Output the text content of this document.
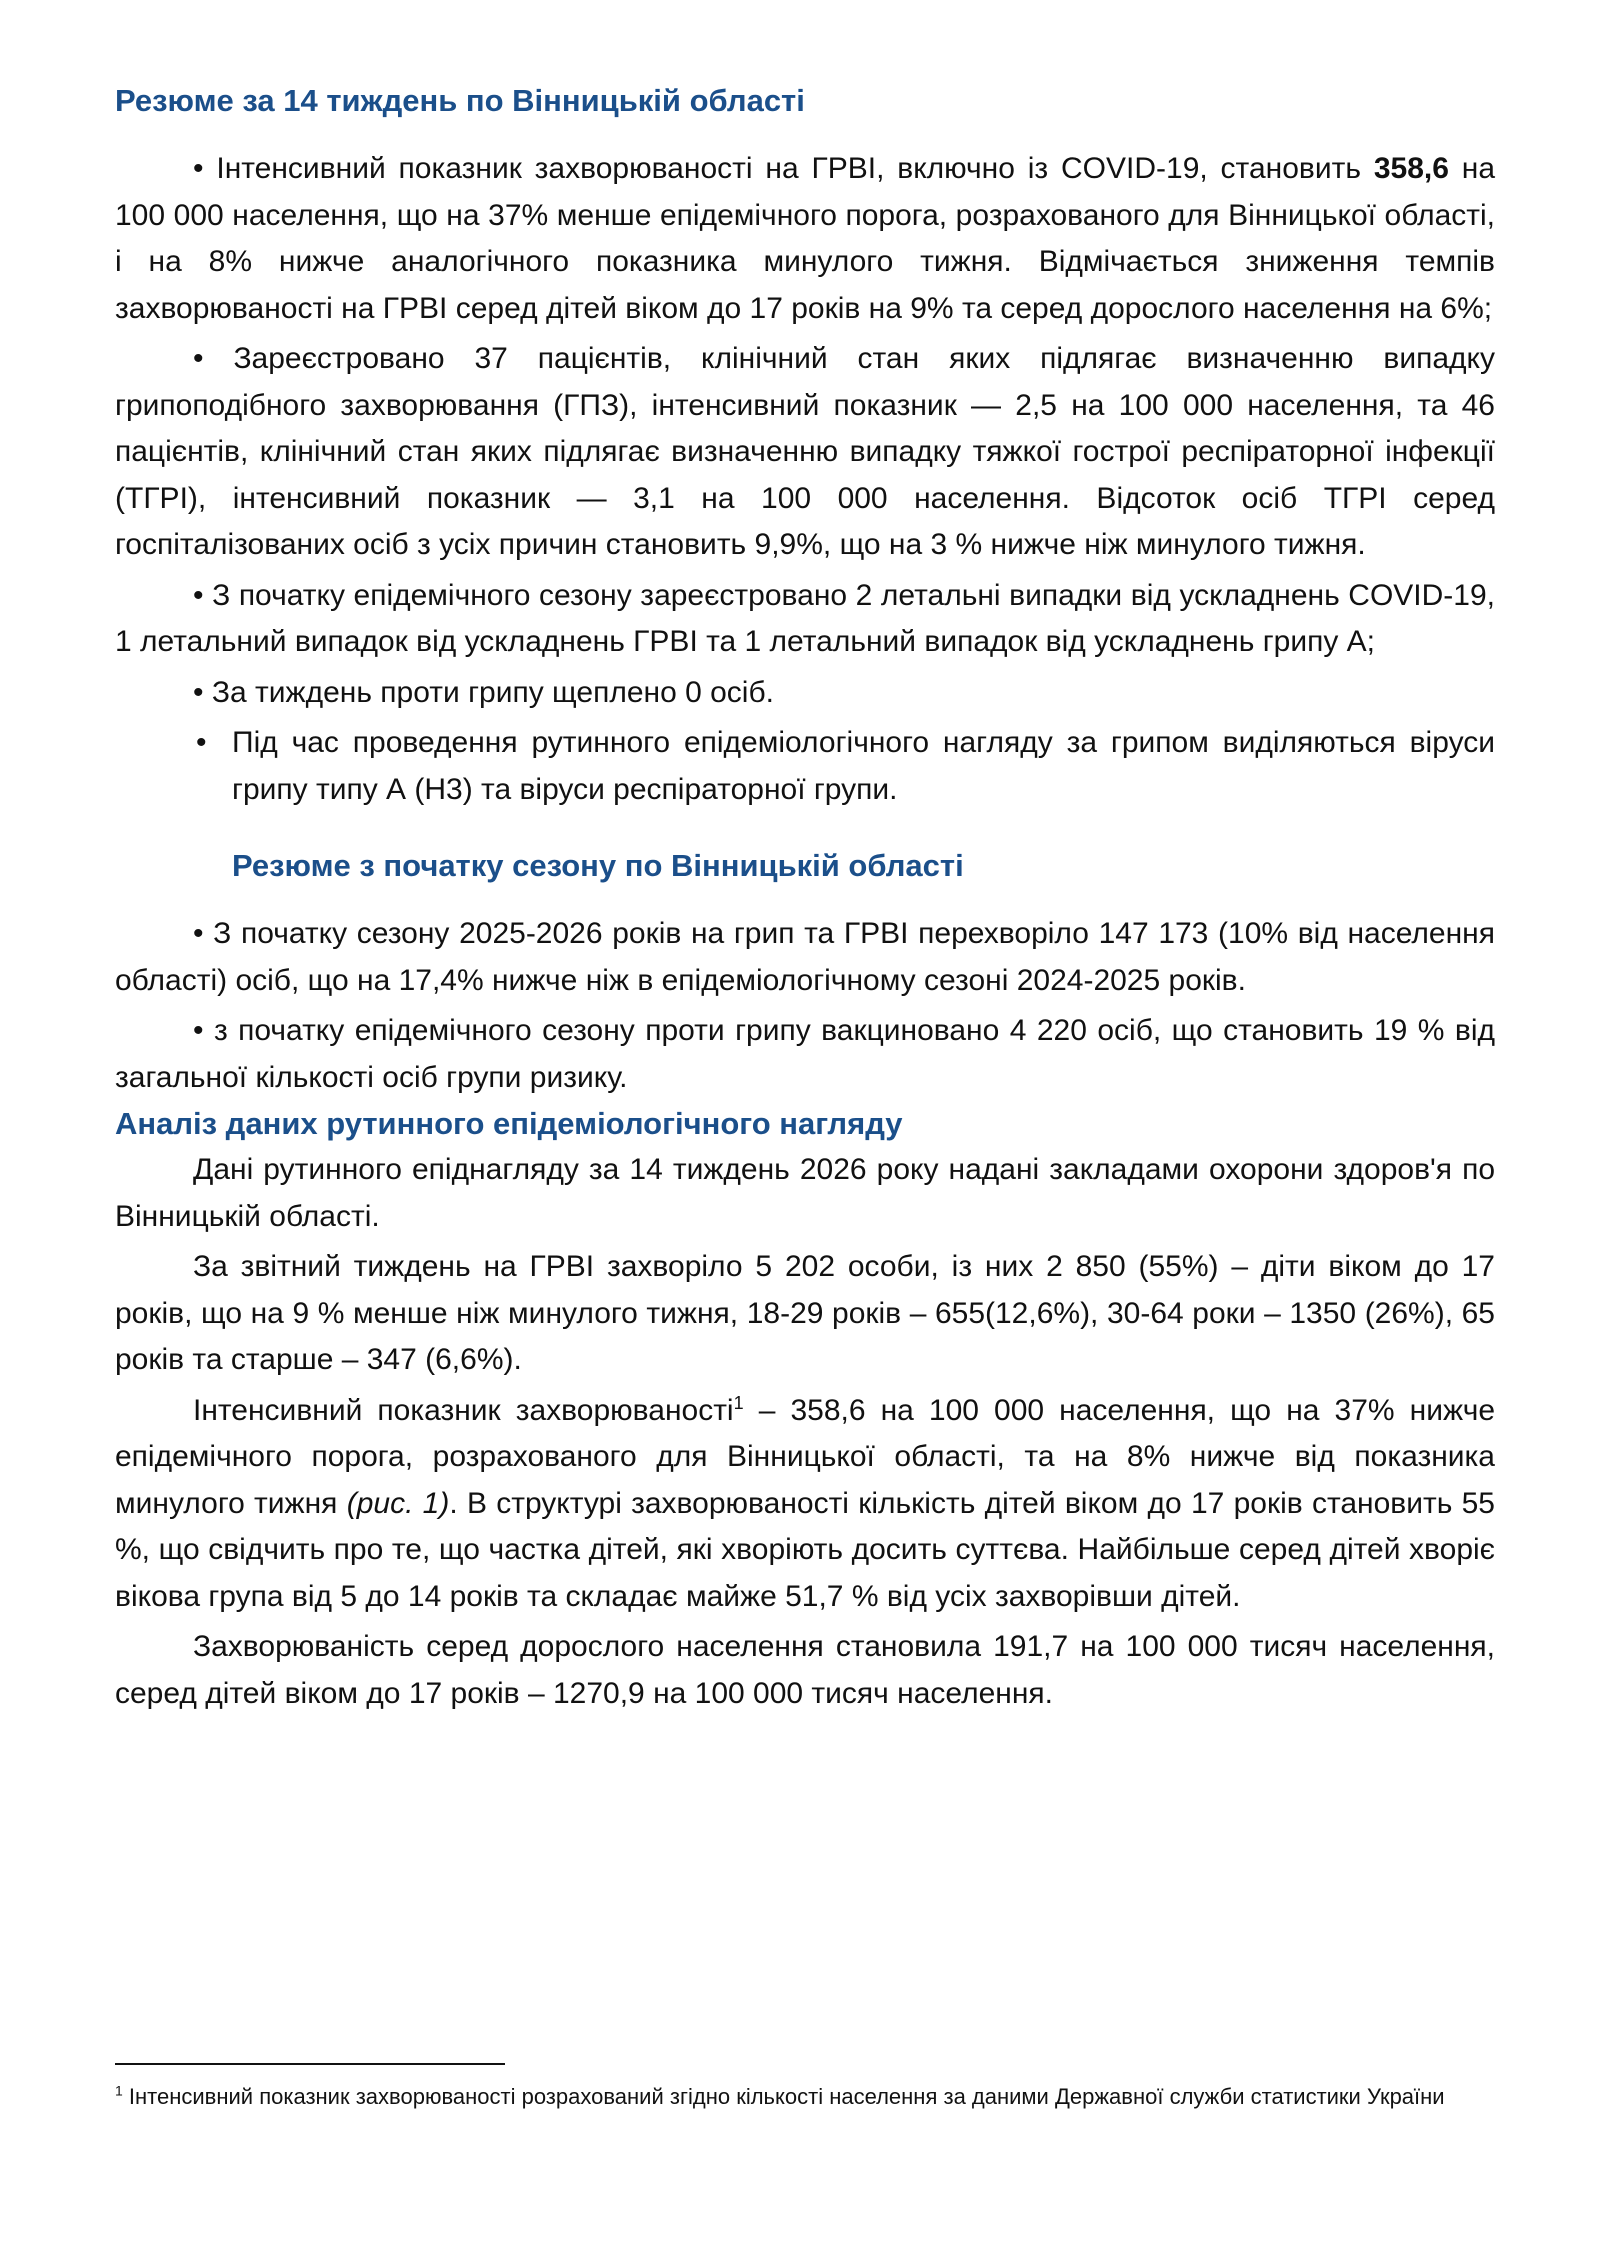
Резюме за 14 тиждень по Вінницькій області

• Інтенсивний показник захворюваності на ГРВІ, включно із COVID-19, становить 358,6 на 100 000 населення, що на 37% менше епідемічного порога, розрахованого для Вінницької області, і на 8% нижче аналогічного показника минулого тижня. Відмічається зниження темпів захворюваності на ГРВІ серед дітей віком до 17 років на 9% та серед дорослого населення на 6%;

• Зареєстровано 37 пацієнтів, клінічний стан яких підлягає визначенню випадку грипоподібного захворювання (ГПЗ), інтенсивний показник — 2,5 на 100 000 населення, та 46 пацієнтів, клінічний стан яких підлягає визначенню випадку тяжкої гострої респіраторної інфекції (ТГРІ), інтенсивний показник — 3,1 на 100 000 населення. Відсоток осіб ТГРІ серед госпіталізованих осіб з усіх причин становить 9,9%, що на 3 % нижче ніж минулого тижня.

• З початку епідемічного сезону зареєстровано 2 летальні випадки від ускладнень COVID-19, 1 летальний випадок від ускладнень ГРВІ та 1 летальний випадок від ускладнень грипу А;

• За тиждень проти грипу щеплено 0 осіб.

• Під час проведення рутинного епідеміологічного нагляду за грипом виділяються віруси грипу типу А (Н3) та віруси респіраторної групи.

Резюме з початку сезону по Вінницькій області

• З початку сезону 2025-2026 років на грип та ГРВІ перехворіло 147 173 (10% від населення області) осіб, що на 17,4% нижче ніж в епідеміологічному сезоні 2024-2025 років.

• з початку епідемічного сезону проти грипу вакциновано 4 220 осіб, що становить 19 % від загальної кількості осіб групи ризику.

Аналіз даних рутинного епідеміологічного нагляду

Дані рутинного епіднагляду за 14 тиждень 2026 року надані закладами охорони здоров'я по Вінницькій області.

За звітний тиждень на ГРВІ захворіло 5 202 особи, із них 2 850 (55%) – діти віком до 17 років, що на 9 % менше ніж минулого тижня, 18-29 років – 655(12,6%), 30-64 роки – 1350 (26%), 65 років та старше – 347 (6,6%).

Інтенсивний показник захворюваності$^1$ – 358,6 на 100 000 населення, що на 37% нижче епідемічного порога, розрахованого для Вінницької області, та на 8% нижче від показника минулого тижня (рис. 1). В структурі захворюваності кількість дітей віком до 17 років становить 55 %, що свідчить про те, що частка дітей, які хворіють досить суттєва. Найбільше серед дітей хворіє вікова група від 5 до 14 років та складає майже 51,7 % від усіх захворівши дітей.

Захворюваність серед дорослого населення становила 191,7 на 100 000 тисяч населення, серед дітей віком до 17 років – 1270,9 на 100 000 тисяч населення.

$^1$ Інтенсивний показник захворюваності розрахований згідно кількості населення за даними Державної служби статистики України
